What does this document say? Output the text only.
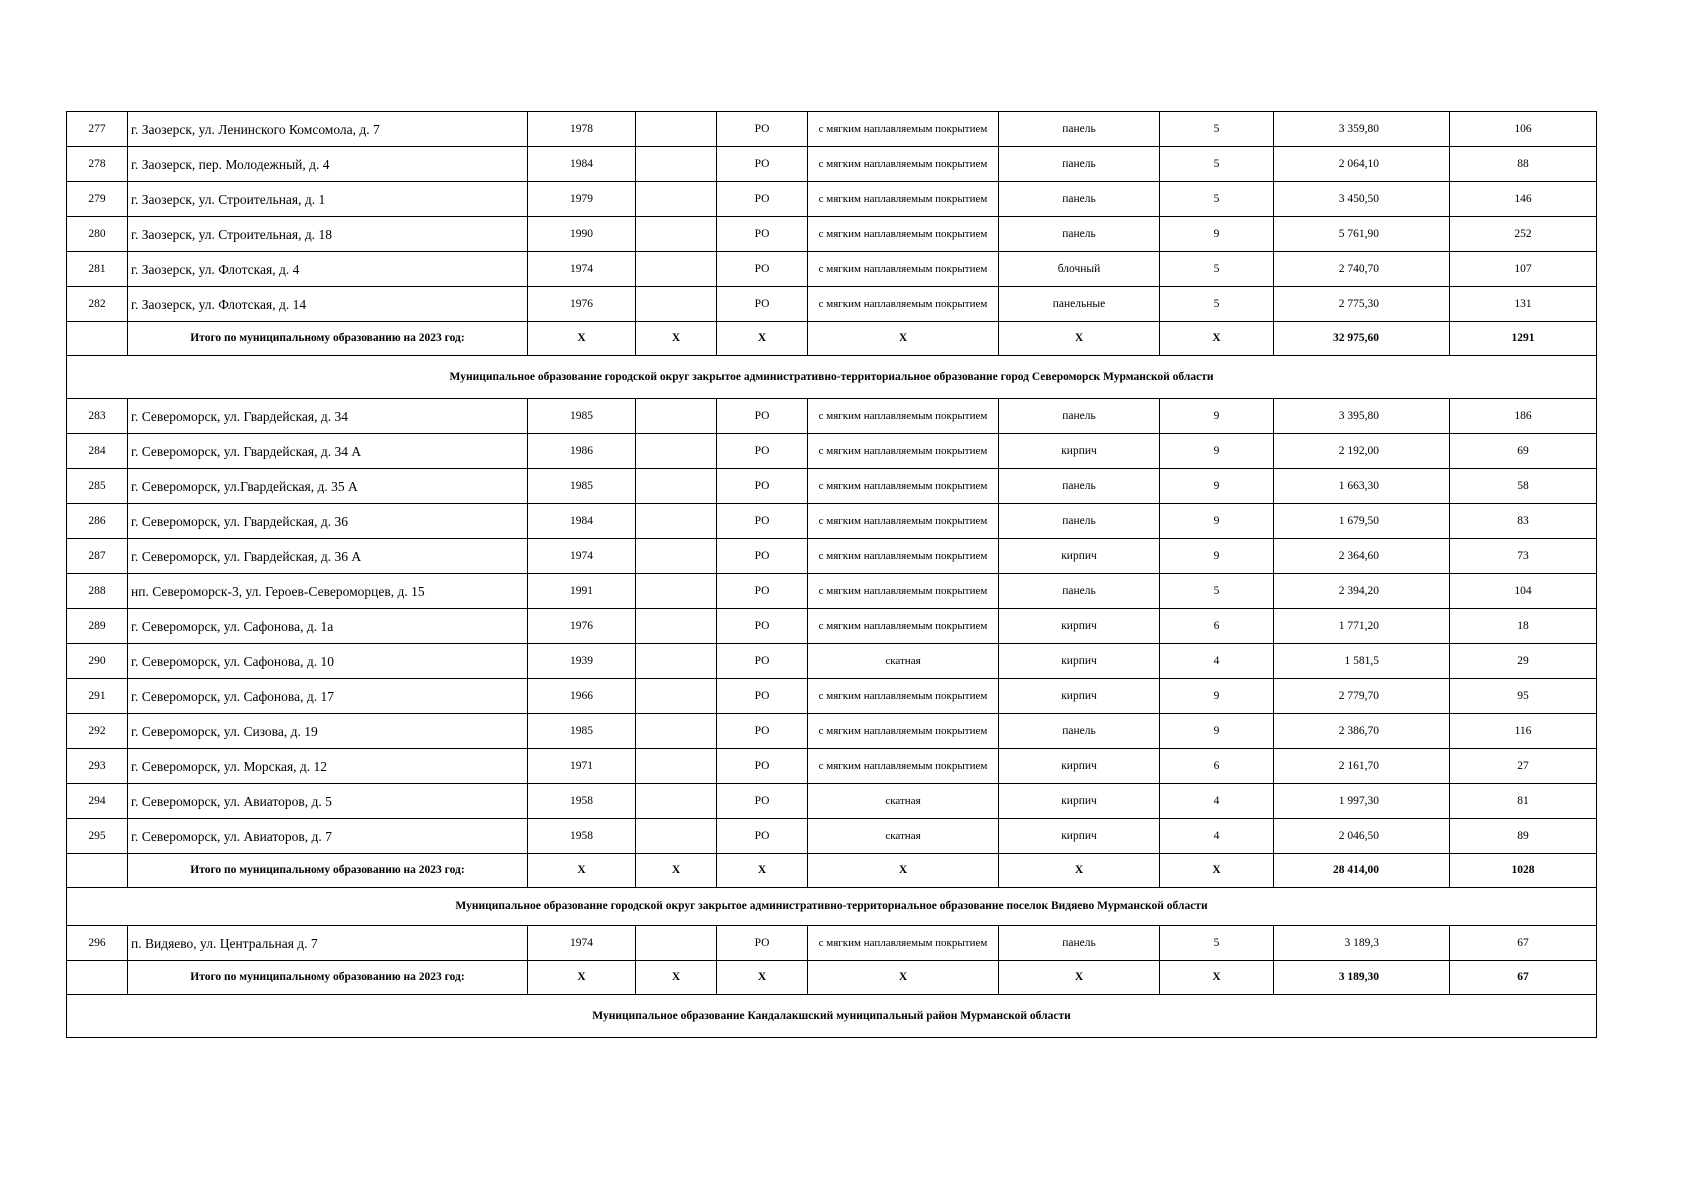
277	г. Заозерск, ул. Ленинского Комсомола, д. 7	1978		РО	с мягким наплавляемым покрытием	панель	5	3 359,80	106
278	г. Заозерск, пер. Молодежный, д. 4	1984		РО	с мягким наплавляемым покрытием	панель	5	2 064,10	88
279	г. Заозерск, ул. Строительная, д. 1	1979		РО	с мягким наплавляемым покрытием	панель	5	3 450,50	146
280	г. Заозерск, ул. Строительная, д. 18	1990		РО	с мягким наплавляемым покрытием	панель	9	5 761,90	252
281	г. Заозерск, ул. Флотская, д. 4	1974		РО	с мягким наплавляемым покрытием	блочный	5	2 740,70	107
282	г. Заозерск, ул. Флотская, д. 14	1976		РО	с мягким наплавляемым покрытием	панельные	5	2 775,30	131
	Итого по муниципальному образованию на 2023 год:	Х	Х	Х	Х	Х	Х	32 975,60	1291
Муниципальное образование городской округ закрытое административно-территориальное образование город Североморск Мурманской области									
283	г. Североморск, ул. Гвардейская, д. 34	1985		РО	с мягким наплавляемым покрытием	панель	9	3 395,80	186
284	г. Североморск, ул. Гвардейская, д. 34 А	1986		РО	с мягким наплавляемым покрытием	кирпич	9	2 192,00	69
285	г. Североморск, ул.Гвардейская, д. 35 А	1985		РО	с мягким наплавляемым покрытием	панель	9	1 663,30	58
286	г. Североморск, ул. Гвардейская, д. 36	1984		РО	с мягким наплавляемым покрытием	панель	9	1 679,50	83
287	г. Североморск, ул. Гвардейская, д. 36 А	1974		РО	с мягким наплавляемым покрытием	кирпич	9	2 364,60	73
288	нп. Североморск-3, ул. Героев-Североморцев, д. 15	1991		РО	с мягким наплавляемым покрытием	панель	5	2 394,20	104
289	г. Североморск, ул. Сафонова, д. 1а	1976		РО	с мягким наплавляемым покрытием	кирпич	6	1 771,20	18
290	г. Североморск, ул. Сафонова, д. 10	1939		РО	скатная	кирпич	4	1 581,5	29
291	г. Североморск, ул. Сафонова, д. 17	1966		РО	с мягким наплавляемым покрытием	кирпич	9	2 779,70	95
292	г. Североморск, ул. Сизова, д. 19	1985		РО	с мягким наплавляемым покрытием	панель	9	2 386,70	116
293	г. Североморск, ул. Морская, д. 12	1971		РО	с мягким наплавляемым покрытием	кирпич	6	2 161,70	27
294	г. Североморск, ул. Авиаторов, д. 5	1958		РО	скатная	кирпич	4	1 997,30	81
295	г. Североморск, ул. Авиаторов, д. 7	1958		РО	скатная	кирпич	4	2 046,50	89
	Итого по муниципальному образованию на 2023 год:	Х	Х	Х	Х	Х	Х	28 414,00	1028
Муниципальное образование городской округ закрытое административно-территориальное образование поселок Видяево Мурманской области									
296	п. Видяево, ул. Центральная д. 7	1974		РО	с мягким наплавляемым покрытием	панель	5	3 189,3	67
	Итого по муниципальному образованию на 2023 год:	Х	Х	Х	Х	Х	Х	3 189,30	67
Муниципальное образование Кандалакшский муниципальный район Мурманской области									
